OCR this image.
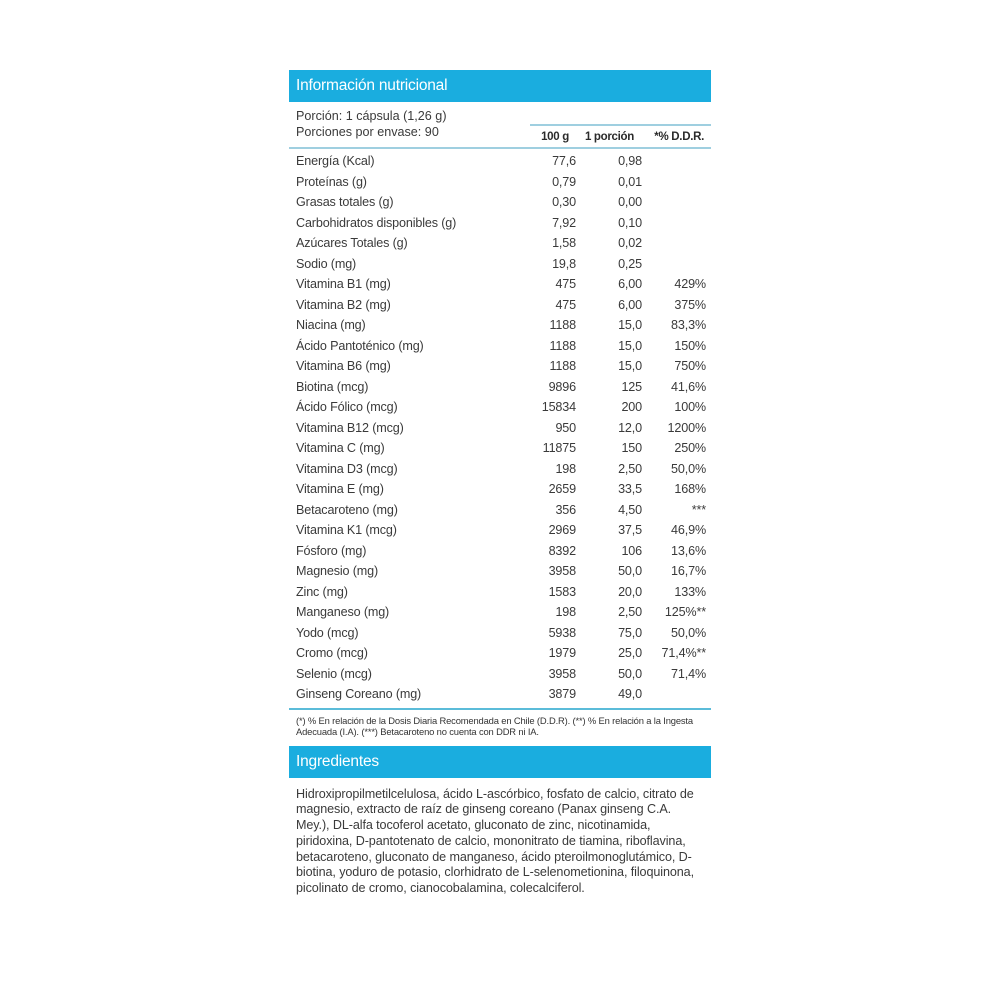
Información nutricional
Porción: 1 cápsula (1,26 g)
Porciones por envase: 90	100 g	1 porción	*% D.D.R.
Energía (Kcal)	77,6	0,98
Proteínas (g)	0,79	0,01
Grasas totales (g)	0,30	0,00
Carbohidratos disponibles (g)	7,92	0,10
Azúcares Totales (g)	1,58	0,02
Sodio (mg)	19,8	0,25
Vitamina B1 (mg)	475	6,00	429%
Vitamina B2 (mg)	475	6,00	375%
Niacina (mg)	1188	15,0	83,3%
Ácido Pantoténico (mg)	1188	15,0	150%
Vitamina B6 (mg)	1188	15,0	750%
Biotina (mcg)	9896	125	41,6%
Ácido Fólico (mcg)	15834	200	100%
Vitamina B12 (mcg)	950	12,0	1200%
Vitamina C (mg)	11875	150	250%
Vitamina D3 (mcg)	198	2,50	50,0%
Vitamina E (mg)	2659	33,5	168%
Betacaroteno (mg)	356	4,50	***
Vitamina K1 (mcg)	2969	37,5	46,9%
Fósforo (mg)	8392	106	13,6%
Magnesio (mg)	3958	50,0	16,7%
Zinc (mg)	1583	20,0	133%
Manganeso (mg)	198	2,50	125%**
Yodo (mcg)	5938	75,0	50,0%
Cromo (mcg)	1979	25,0	71,4%**
Selenio (mcg)	3958	50,0	71,4%
Ginseng Coreano (mg)	3879	49,0
(*) % En relación de la Dosis Diaria Recomendada en Chile (D.D.R). (**) % En relación a la Ingesta Adecuada (I.A). (***) Betacaroteno no cuenta con DDR ni IA.
Ingredientes
Hidroxipropilmetilcelulosa, ácido L-ascórbico, fosfato de calcio, citrato de magnesio, extracto de raíz de ginseng coreano (Panax ginseng C.A. Mey.), DL-alfa tocoferol acetato, gluconato de zinc, nicotinamida, piridoxina, D-pantotenato de calcio, mononitrato de tiamina, riboflavina, betacaroteno, gluconato de manganeso, ácido pteroilmonoglutámico, D-biotina, yoduro de potasio, clorhidrato de L-selenometionina, filoquinona, picolinato de cromo, cianocobalamina, colecalciferol.
